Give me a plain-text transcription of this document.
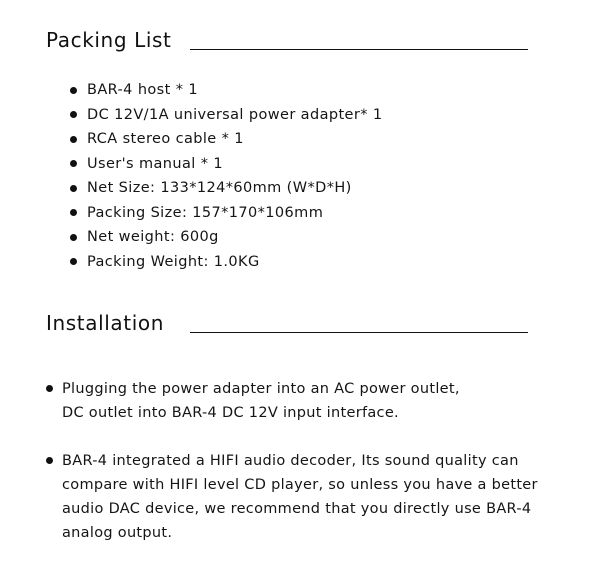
Packing List
BAR-4 host * 1
DC 12V/1A universal power adapter* 1
RCA stereo cable * 1
User's manual * 1
Net Size: 133*124*60mm (W*D*H)
Packing Size: 157*170*106mm
Net weight: 600g
Packing Weight: 1.0KG
Installation
Plugging the power adapter into an AC power outlet,
DC outlet into BAR-4 DC 12V input interface.
BAR-4 integrated a HIFI audio decoder, Its sound quality can
compare with HIFI level CD player, so unless you have a better
audio DAC device, we recommend that you directly use BAR-4
analog output.
